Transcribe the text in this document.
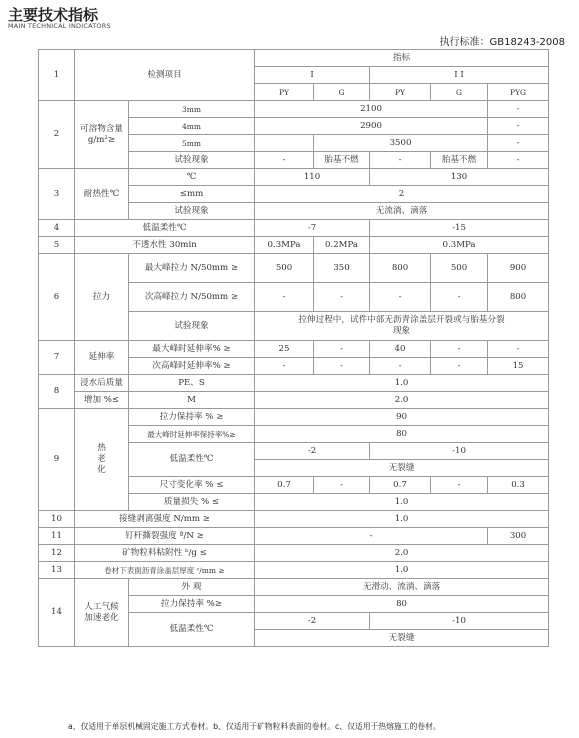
主要技术指标
MAIN TECHNICAL INDICATORS
执行标准：GB18243-2008
1	检测项目		指标				
			I		I I		
			PY	G	PY	G	PYG
2	可溶物含量g/m²≥	3mm	2100				-
		4mm	2900				-
		5mm		3500			-
		试验现象	-	胎基不燃	-	胎基不燃	-
3	耐热性℃	℃	110		130		
		≤mm	2				
		试验现象	无流淌、滴落				
4	低温柔性℃		-7		-15		
5	不透水性 30min		0.3MPa	0.2MPa	0.3MPa		
6	拉力	最大峰拉力 N/50mm ≥	500	350	800	500	900
		次高峰拉力 N/50mm ≥	-	-	-	-	800
		试验现象	拉伸过程中，试件中部无沥青涂盖层开裂或与胎基分裂现象				
7	延伸率	最大峰时延伸率% ≥	25	-	40	-	-
		次高峰时延伸率% ≥	-	-	-	-	15
8	浸水后质量	PE、S	1.0				
	增加 %≤	M	2.0				
9	热老化	拉力保持率 % ≥	90				
		最大峰时延伸率保持率%≥	80				
		低温柔性℃	-2		-10		
			无裂缝				
		尺寸变化率 % ≤	0.7	-	0.7	-	0.3
		质量损失 % ≤	1.0				
10	接缝剥离强度 N/mm ≥		1.0				
11	钉杆撕裂强度 ª/N ≥		-				300
12	矿物粒料粘附性 ᵇ/g ≤		2.0				
13	卷材下表面沥青涂盖层厚度 ᶜ/mm ≥		1.0				
14	人工气候加速老化	外 观	无滑动、流淌、滴落				
		拉力保持率 %≥	80				
		低温柔性℃	-2		-10		
			无裂缝				
a、仅适用于单层机械固定施工方式卷材。b、仅适用于矿物粒料表面的卷材。c、仅适用于热熔施工的卷材。
